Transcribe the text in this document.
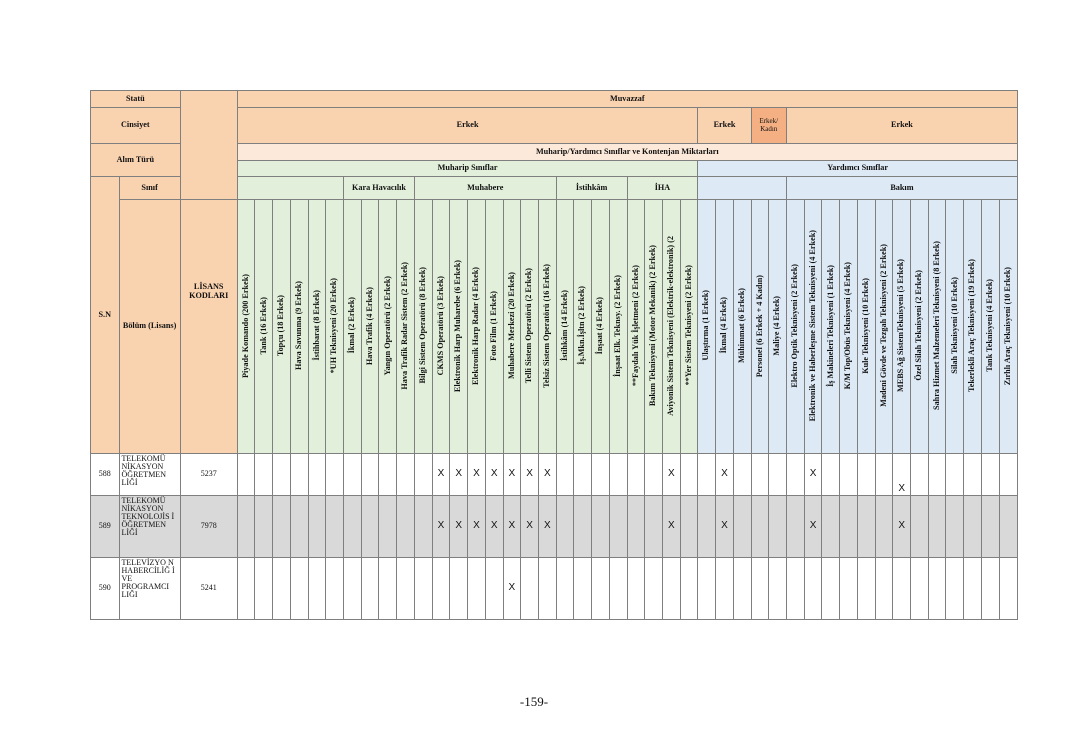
Statü			Muvazzaf																																											
Cinsiyet			Erkek																										Erkek			Erkek/ Kadın		Erkek												
Alım Türü			Muharip/Yardımcı Sınıflar ve Kontenjan Miktarları																																											
			Muharip Sınıflar																										Yardımcı Sınıflar																	
S.N	Sınıf								Kara Havacılık				Muhabere								İstihkâm				İHA									Bakım												
	Bölüm (Lisans)	LİSANS KODLARI	Piyade Komando (200 Erkek)	Tank (16 Erkek)	Topçu (18 Erkek)	Hava Savunma (9 Erkek)	İstihbarat (8 Erkek)	*UH Teknisyeni (20 Erkek)	İkmal (2 Erkek)	Hava Trafik (4 Erkek)	Yangın Operatörü (2 Erkek)	Hava Trafik Radar Sistem (2 Erkek)	Bilgi Sistem Operatörü (8 Erkek)	CKMS Operatörü (3 Erkek)	Elektronik Harp Muharebe (6 Erkek)	Elektronik Harp Radar (4 Erkek)	Foto Film (1 Erkek)	Muhabere Merkezi (20 Erkek)	Telli Sistem Operatörü (2 Erkek)	Telsiz Sistem Operatörü (16 Erkek)	İstihkâm (14 Erkek)	İş.Mkn.İşltn (2 Erkek)	İnşaat (4 Erkek)	İnşaat Elk. Teknsy. (2 Erkek)	**Faydalı Yük İşletmeni (2 Erkek)	Bakım Teknisyeni (Motor Mekanik) (2 Erkek)	Aviyonik Sistem Teknisyeni (Elektrik-elektronik) (2	**Yer Sistem Teknisyeni (2 Erkek)	Ulaştırma (1 Erkek)	İkmal (4 Erkek)	Mühimmat (6 Erkek)	Personel (6 Erkek + 4 Kadın)	Maliye (4 Erkek)	Elektro Optik Teknisyeni (2 Erkek)	Elektronik ve Haberleşme Sistem Teknisyeni (4 Erkek)	İş Makineleri Teknisyeni (1 Erkek)	K/M Top/Obüs Teknisyeni (4 Erkek)	Kule Teknisyeni (10 Erkek)	Madeni Gövde ve Tezgah Teknisyeni (2 Erkek)	MEBS Ağ SistemTeknisyeni (5 Erkek)	Özel Silah Teknisyeni (2 Erkek)	Sahra Hizmet Malzemeleri Teknisyeni (8 Erkek)	Silah Teknisyeni (10 Erkek)	Tekerlekli Araç Teknisyeni (19 Erkek)	Tank Teknisyeni (4 Erkek)	Zırhlı Araç Teknisyeni (10 Erkek)
588	TELEKOMÜ NİKASYON ÖĞRETMEN LİĞİ	5237												X	X	X	X	X	X	X							X			X					X					X						
589	TELEKOMÜ NİKASYON TEKNOLOJİS İ ÖĞRETMEN LİĞİ	7978												X	X	X	X	X	X	X							X			X					X					X						
590	TELEVİZYO N HABERCİLİĞ İ VE PROGRAMCI LIĞI	5241																X																												
-159-
